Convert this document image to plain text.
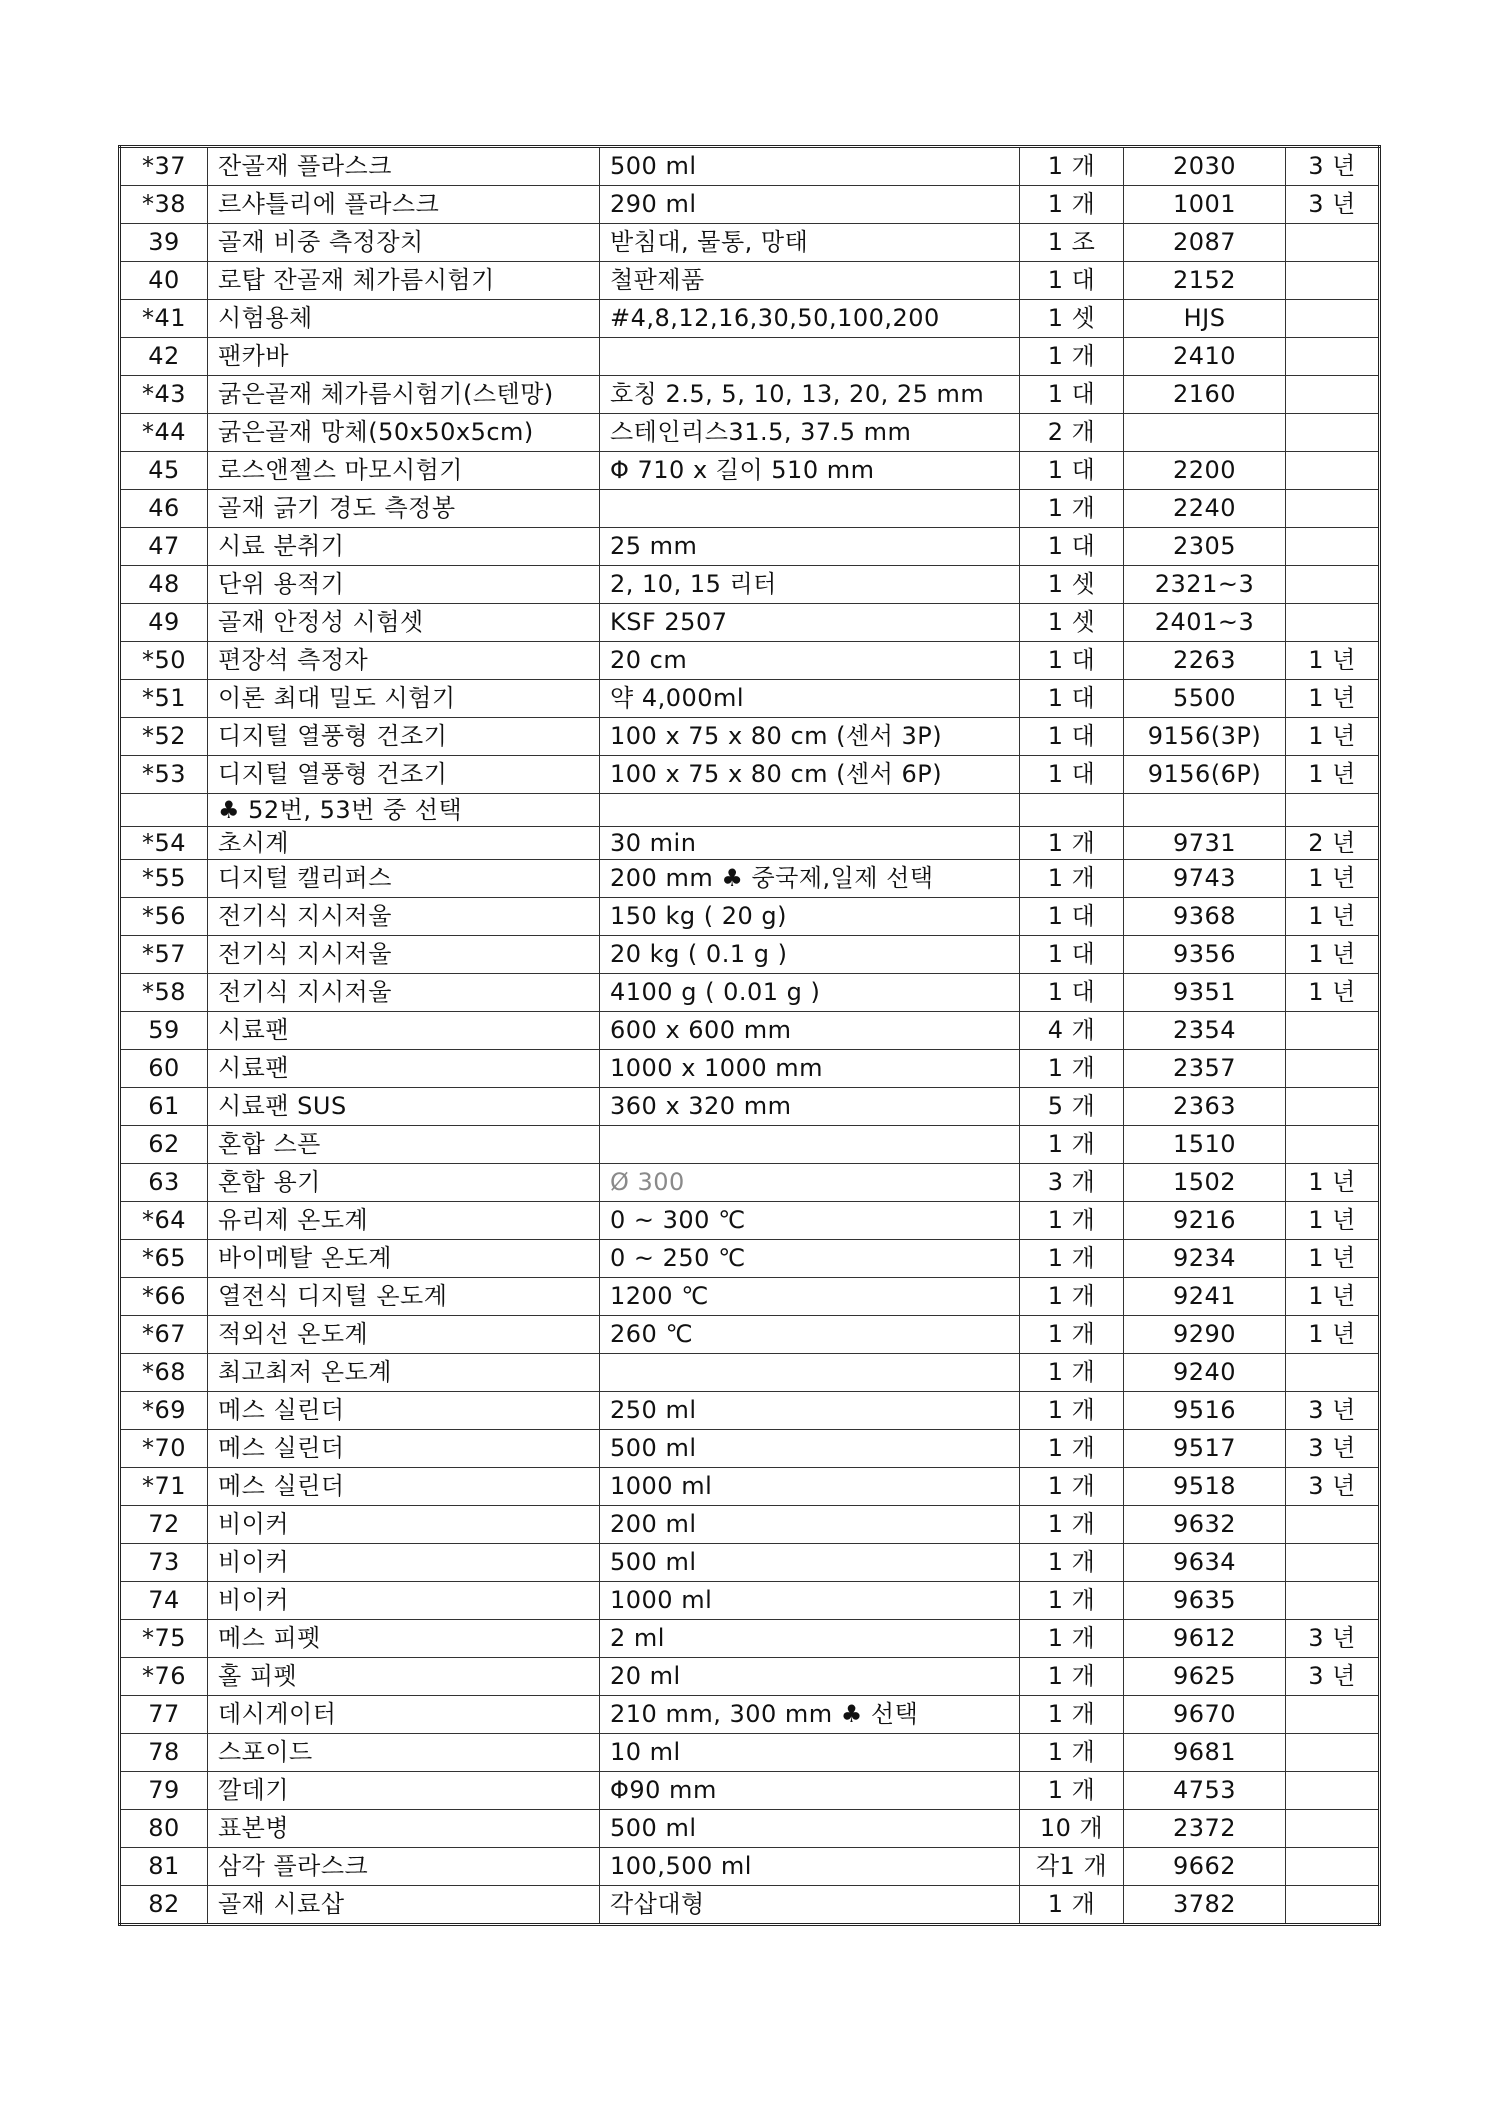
*37	잔골재 플라스크	500 ml	1 개	2030	3 년
*38	르샤틀리에 플라스크	290 ml	1 개	1001	3 년
39	골재 비중 측정장치	받침대, 물통, 망태	1 조	2087	
40	로탑 잔골재 체가름시험기	철판제품	1 대	2152	
*41	시험용체	#4,8,12,16,30,50,100,200	1 셋	HJS	
42	팬카바		1 개	2410	
*43	굵은골재 체가름시험기(스텐망)	호칭 2.5, 5, 10, 13, 20, 25 mm	1 대	2160	
*44	굵은골재 망체(50x50x5cm)	스테인리스31.5, 37.5 mm	2 개		
45	로스앤젤스 마모시험기	Φ 710 x 길이 510 mm	1 대	2200	
46	골재 긁기 경도 측정봉		1 개	2240	
47	시료 분취기	25 mm	1 대	2305	
48	단위 용적기	2, 10, 15 리터	1 셋	2321~3	
49	골재 안정성 시험셋	KSF 2507	1 셋	2401~3	
*50	편장석 측정자	20 cm	1 대	2263	1 년
*51	이론 최대 밀도 시험기	약 4,000ml	1 대	5500	1 년
*52	디지털 열풍형 건조기	100 x 75 x 80 cm (센서 3P)	1 대	9156(3P)	1 년
*53	디지털 열풍형 건조기	100 x 75 x 80 cm (센서 6P)	1 대	9156(6P)	1 년
	♣ 52번, 53번 중 선택				
*54	초시계	30 min	1 개	9731	2 년
*55	디지털 캘리퍼스	200 mm ♣ 중국제,일제 선택	1 개	9743	1 년
*56	전기식 지시저울	150 kg ( 20 g)	1 대	9368	1 년
*57	전기식 지시저울	20 kg ( 0.1 g )	1 대	9356	1 년
*58	전기식 지시저울	4100 g ( 0.01 g )	1 대	9351	1 년
59	시료팬	600 x 600 mm	4 개	2354	
60	시료팬	1000 x 1000 mm	1 개	2357	
61	시료팬 SUS	360 x 320 mm	5 개	2363	
62	혼합 스픈		1 개	1510	
63	혼합 용기	Ø 300	3 개	1502	1 년
*64	유리제 온도계	0 ~ 300 ℃	1 개	9216	1 년
*65	바이메탈 온도계	0 ~ 250 ℃	1 개	9234	1 년
*66	열전식 디지털 온도계	1200 ℃	1 개	9241	1 년
*67	적외선 온도계	260 ℃	1 개	9290	1 년
*68	최고최저 온도계		1 개	9240	
*69	메스 실린더	250 ml	1 개	9516	3 년
*70	메스 실린더	500 ml	1 개	9517	3 년
*71	메스 실린더	1000 ml	1 개	9518	3 년
72	비이커	200 ml	1 개	9632	
73	비이커	500 ml	1 개	9634	
74	비이커	1000 ml	1 개	9635	
*75	메스 피펫	2 ml	1 개	9612	3 년
*76	홀 피펫	20 ml	1 개	9625	3 년
77	데시게이터	210 mm, 300 mm ♣ 선택	1 개	9670	
78	스포이드	10 ml	1 개	9681	
79	깔데기	Φ90 mm	1 개	4753	
80	표본병	500 ml	10 개	2372	
81	삼각 플라스크	100,500 ml	각1 개	9662	
82	골재 시료삽	각삽대형	1 개	3782	
